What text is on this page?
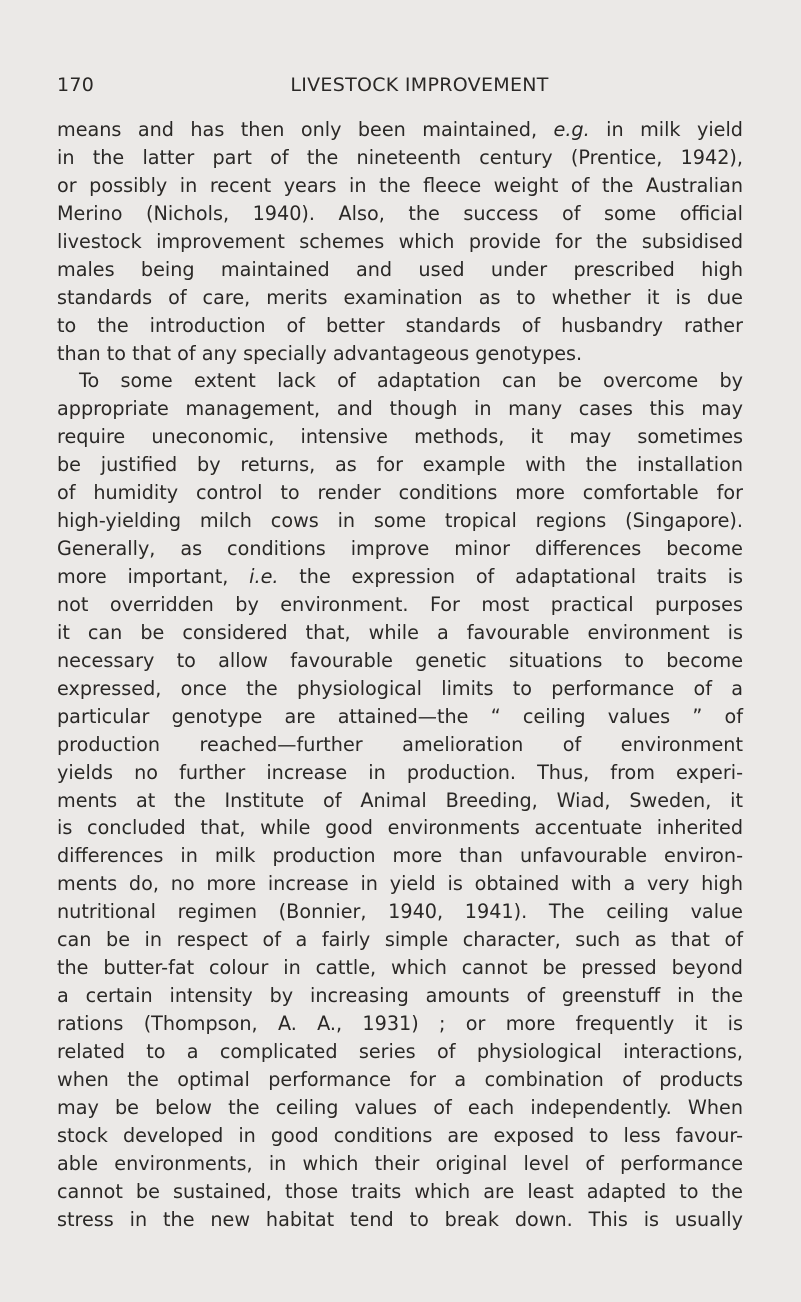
170	LIVESTOCK IMPROVEMENT
means and has then only been maintained, e.g. in milk yield
in the latter part of the nineteenth century (Prentice, 1942),
or possibly in recent years in the fleece weight of the Australian
Merino (Nichols, 1940). Also, the success of some official
livestock improvement schemes which provide for the subsidised
males being maintained and used under prescribed high
standards of care, merits examination as to whether it is due
to the introduction of better standards of husbandry rather
than to that of any specially advantageous genotypes.
To some extent lack of adaptation can be overcome by
appropriate management, and though in many cases this may
require uneconomic, intensive methods, it may sometimes
be justified by returns, as for example with the installation
of humidity control to render conditions more comfortable for
high-yielding milch cows in some tropical regions (Singapore).
Generally, as conditions improve minor differences become
more important, i.e. the expression of adaptational traits is
not overridden by environment. For most practical purposes
it can be considered that, while a favourable environment is
necessary to allow favourable genetic situations to become
expressed, once the physiological limits to performance of a
particular genotype are attained—the “ ceiling values ” of
production reached—further amelioration of environment
yields no further increase in production. Thus, from experi-
ments at the Institute of Animal Breeding, Wiad, Sweden, it
is concluded that, while good environments accentuate inherited
differences in milk production more than unfavourable environ-
ments do, no more increase in yield is obtained with a very high
nutritional regimen (Bonnier, 1940, 1941). The ceiling value
can be in respect of a fairly simple character, such as that of
the butter-fat colour in cattle, which cannot be pressed beyond
a certain intensity by increasing amounts of greenstuff in the
rations (Thompson, A. A., 1931) ; or more frequently it is
related to a complicated series of physiological interactions,
when the optimal performance for a combination of products
may be below the ceiling values of each independently. When
stock developed in good conditions are exposed to less favour-
able environments, in which their original level of performance
cannot be sustained, those traits which are least adapted to the
stress in the new habitat tend to break down. This is usually
